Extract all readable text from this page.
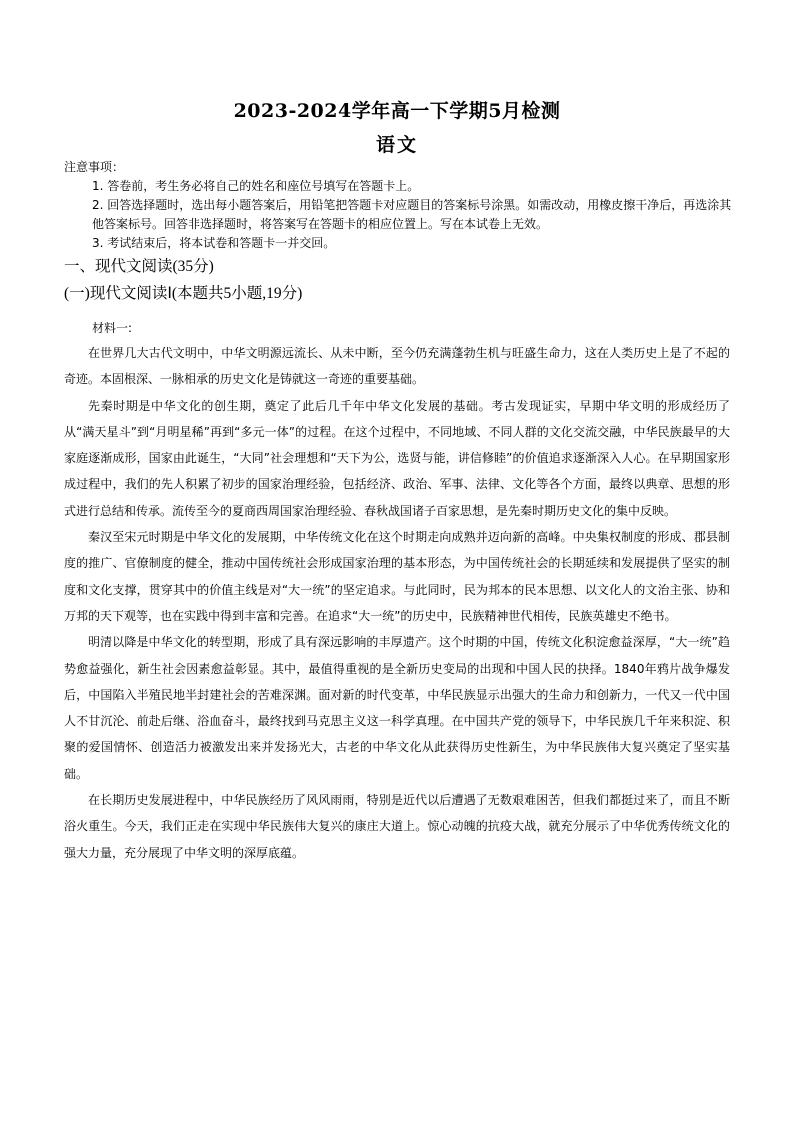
2023-2024学年高一下学期5月检测
语文
注意事项：
1. 答卷前，考生务必将自己的姓名和座位号填写在答题卡上。
2. 回答选择题时，选出每小题答案后，用铅笔把答题卡对应题目的答案标号涂黑。如需改动，用橡皮擦干净后，再选涂其他答案标号。回答非选择题时，将答案写在答题卡的相应位置上。写在本试卷上无效。
3. 考试结束后，将本试卷和答题卡一并交回。
一、现代文阅读(35分)
(一)现代文阅读Ⅰ(本题共5小题,19分)
材料一:

在世界几大古代文明中，中华文明源远流长、从未中断，至今仍充满蓬勃生机与旺盛生命力，这在人类历史上是了不起的奇迹。本固根深、一脉相承的历史文化是铸就这一奇迹的重要基础。

先秦时期是中华文化的创生期，奠定了此后几千年中华文化发展的基础。考古发现证实，早期中华文明的形成经历了从“满天星斗”到“月明星稀”再到“多元一体”的过程。在这个过程中，不同地域、不同人群的文化交流交融，中华民族最早的大家庭逐渐成形，国家由此诞生，“大同”社会理想和“天下为公，选贤与能，讲信修睦”的价值追求逐渐深入人心。在早期国家形成过程中，我们的先人积累了初步的国家治理经验，包括经济、政治、军事、法律、文化等各个方面，最终以典章、思想的形式进行总结和传承。流传至今的夏商西周国家治理经验、春秋战国诸子百家思想，是先秦时期历史文化的集中反映。

秦汉至宋元时期是中华文化的发展期，中华传统文化在这个时期走向成熟并迈向新的高峰。中央集权制度的形成、郡县制度的推广、官僚制度的健全，推动中国传统社会形成国家治理的基本形态，为中国传统社会的长期延续和发展提供了坚实的制度和文化支撑，贯穿其中的价值主线是对“大一统”的坚定追求。与此同时，民为邦本的民本思想、以文化人的文治主张、协和万邦的天下观等，也在实践中得到丰富和完善。在追求“大一统”的历史中，民族精神世代相传，民族英雄史不绝书。

明清以降是中华文化的转型期，形成了具有深远影响的丰厚遗产。这个时期的中国，传统文化积淀愈益深厚，“大一统”趋势愈益强化，新生社会因素愈益彰显。其中，最值得重视的是全新历史变局的出现和中国人民的抉择。1840年鸦片战争爆发后，中国陷入半殖民地半封建社会的苦难深渊。面对新的时代变革，中华民族显示出强大的生命力和创新力，一代又一代中国人不甘沉沦、前赴后继、浴血奋斗，最终找到马克思主义这一科学真理。在中国共产党的领导下，中华民族几千年来积淀、积聚的爱国情怀、创造活力被激发出来并发扬光大，古老的中华文化从此获得历史性新生，为中华民族伟大复兴奠定了坚实基础。

在长期历史发展进程中，中华民族经历了风风雨雨，特别是近代以后遭遇了无数艰难困苦，但我们都挺过来了，而且不断浴火重生。今天，我们正走在实现中华民族伟大复兴的康庄大道上。惊心动魄的抗疫大战，就充分展示了中华优秀传统文化的强大力量，充分展现了中华文明的深厚底蕴。
